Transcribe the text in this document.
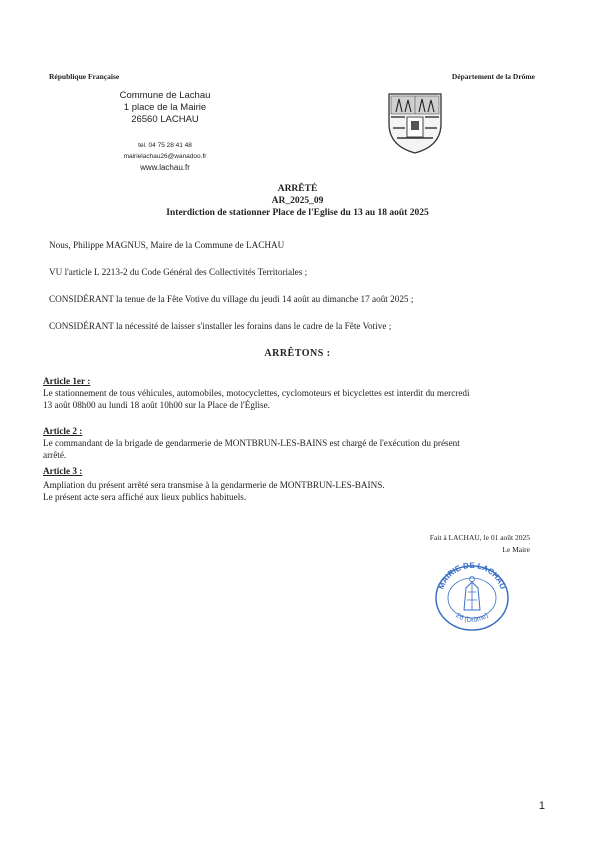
République Française	Département de la Drôme
Commune de Lachau
1 place de la Mairie
26560 LACHAU
tel. 04 75 28 41 48
mairielachau26@wanadoo.fr
www.lachau.fr
ARRÊTÉ
AR_2025_09
Interdiction de stationner Place de l'Eglise du 13 au 18 août 2025
Nous, Philippe MAGNUS, Maire de la Commune de LACHAU
VU l'article L 2213-2 du Code Général des Collectivités Territoriales ;
CONSIDÉRANT la tenue de la Fête Votive du village du jeudi 14 août au dimanche 17 août 2025 ;
CONSIDÉRANT la nécessité de laisser s'installer les forains dans le cadre de la Fête Votive ;
ARRÊTONS :
Article 1er :
Le stationnement de tous véhicules, automobiles, motocyclettes, cyclomoteurs et bicyclettes est interdit du mercredi
13 août 08h00 au lundi 18 août 10h00 sur la Place de l'Église.
Article 2 :
Le commandant de la brigade de gendarmerie de MONTBRUN-LES-BAINS est chargé de l'exécution du présent
arrêté.
Article 3 :
Ampliation du présent arrêté sera transmise à la gendarmerie de MONTBRUN-LES-BAINS.
Le présent acte sera affiché aux lieux publics habituels.
Fait à LACHAU, le 01 août 2025
Le Maire
MAIRIE DE LACHAU
26 (Drôme)
1
